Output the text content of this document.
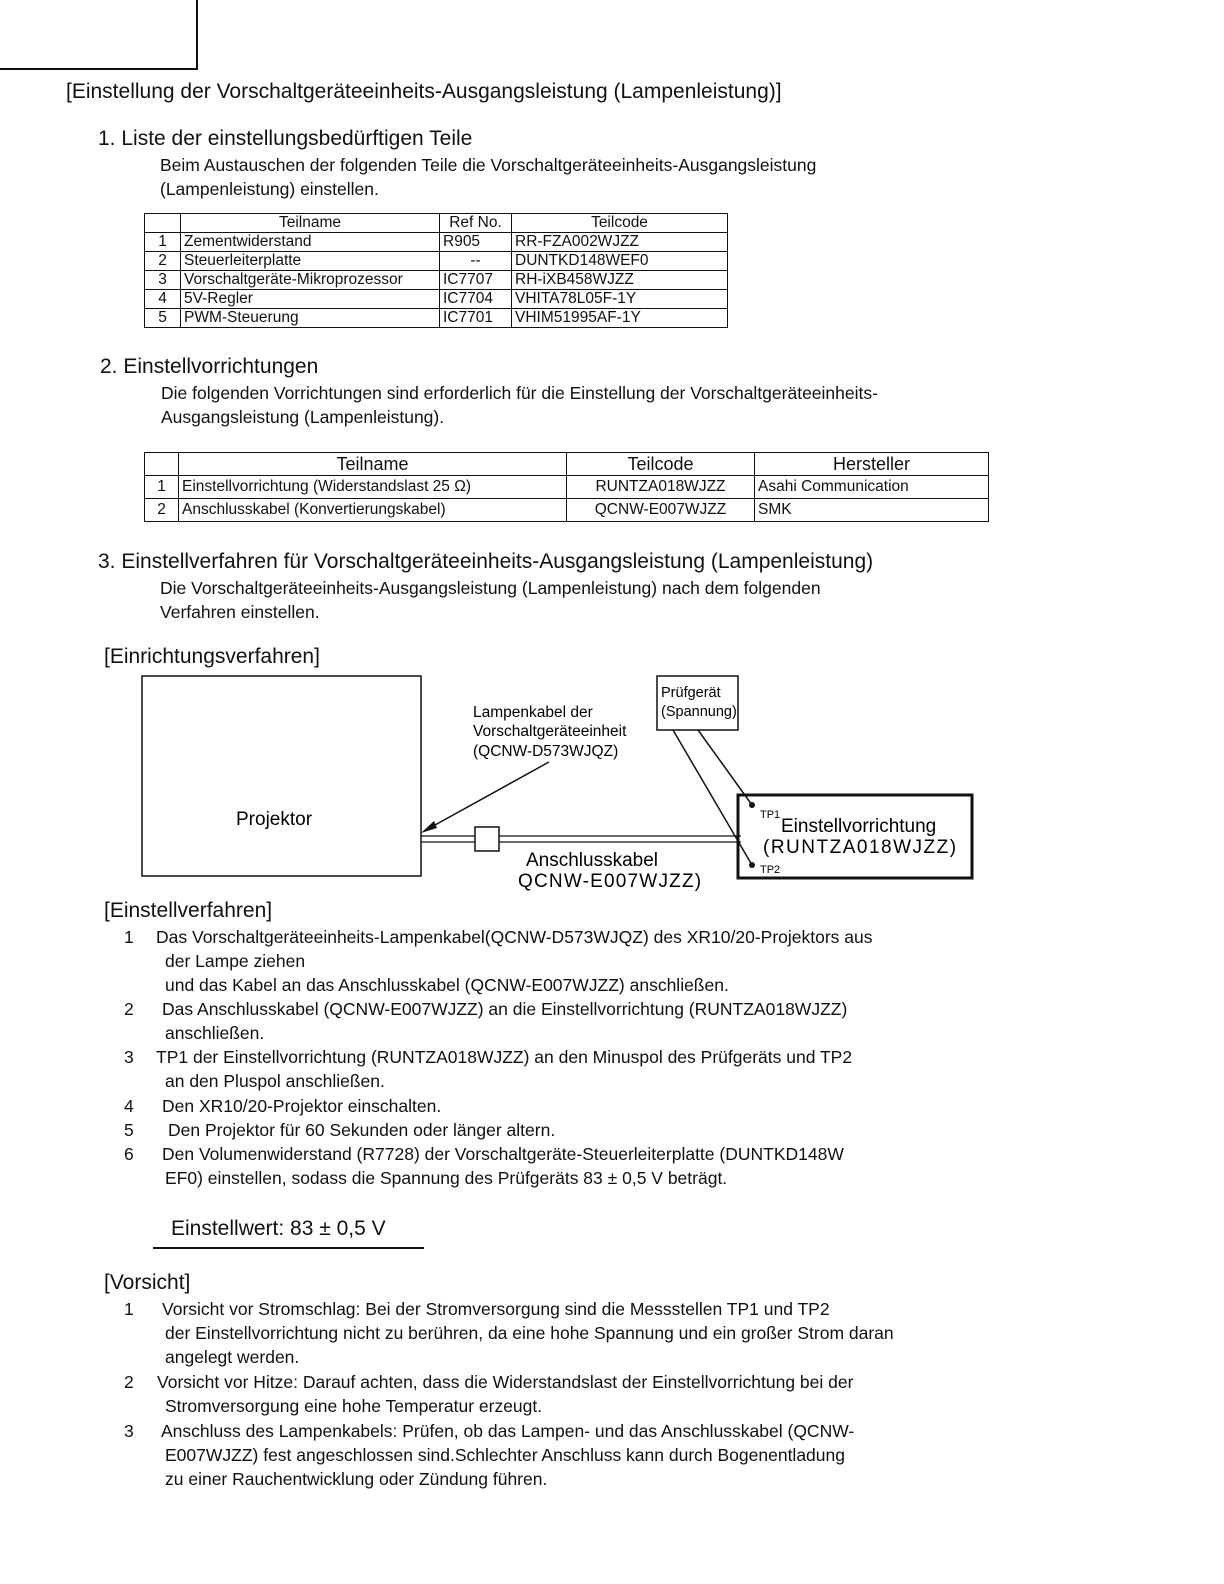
[Einstellung der Vorschaltgeräteeinheits-Ausgangsleistung (Lampenleistung)]
1. Liste der einstellungsbedürftigen Teile
Beim Austauschen der folgenden Teile die Vorschaltgeräteeinheits-Ausgangsleistung
(Lampenleistung) einstellen.
	Teilname	Ref No.	Teilcode
1	Zementwiderstand	R905	RR-FZA002WJZZ
2	Steuerleiterplatte	--	DUNTKD148WEF0
3	Vorschaltgeräte-Mikroprozessor	IC7707	RH-iXB458WJZZ
4	5V-Regler	IC7704	VHITA78L05F-1Y
5	PWM-Steuerung	IC7701	VHIM51995AF-1Y
2. Einstellvorrichtungen
Die folgenden Vorrichtungen sind erforderlich für die Einstellung der Vorschaltgeräteeinheits-
Ausgangsleistung (Lampenleistung).
	Teilname	Teilcode	Hersteller
1	Einstellvorrichtung (Widerstandslast 25 Ω)	RUNTZA018WJZZ	Asahi Communication
2	Anschlusskabel (Konvertierungskabel)	QCNW-E007WJZZ	SMK
3. Einstellverfahren für Vorschaltgeräteeinheits-Ausgangsleistung (Lampenleistung)
Die Vorschaltgeräteeinheits-Ausgangsleistung (Lampenleistung) nach dem folgenden
Verfahren einstellen.
[Einrichtungsverfahren]
Projektor
Lampenkabel der
Vorschaltgeräteeinheit
(QCNW-D573WJQZ)
Prüfgerät
(Spannung)
TP1
TP2
Einstellvorrichtung
(RUNTZA018WJZZ)
Anschlusskabel
QCNW-E007WJZZ)
[Einstellverfahren]
1 Das Vorschaltgeräteeinheits-Lampenkabel(QCNW-D573WJQZ) des XR10/20-Projektors aus
der Lampe ziehen
und das Kabel an das Anschlusskabel (QCNW-E007WJZZ) anschließen.
2 Das Anschlusskabel (QCNW-E007WJZZ) an die Einstellvorrichtung (RUNTZA018WJZZ)
anschließen.
3 TP1 der Einstellvorrichtung (RUNTZA018WJZZ) an den Minuspol des Prüfgeräts und TP2
an den Pluspol anschließen.
4 Den XR10/20-Projektor einschalten.
5 Den Projektor für 60 Sekunden oder länger altern.
6 Den Volumenwiderstand (R7728) der Vorschaltgeräte-Steuerleiterplatte (DUNTKD148W
EF0) einstellen, sodass die Spannung des Prüfgeräts 83 ± 0,5 V beträgt.
Einstellwert: 83 ± 0,5 V
[Vorsicht]
1 Vorsicht vor Stromschlag: Bei der Stromversorgung sind die Messstellen TP1 und TP2
der Einstellvorrichtung nicht zu berühren, da eine hohe Spannung und ein großer Strom daran
angelegt werden.
2 Vorsicht vor Hitze: Darauf achten, dass die Widerstandslast der Einstellvorrichtung bei der
Stromversorgung eine hohe Temperatur erzeugt.
3 Anschluss des Lampenkabels: Prüfen, ob das Lampen- und das Anschlusskabel (QCNW-
E007WJZZ) fest angeschlossen sind.Schlechter Anschluss kann durch Bogenentladung
zu einer Rauchentwicklung oder Zündung führen.
